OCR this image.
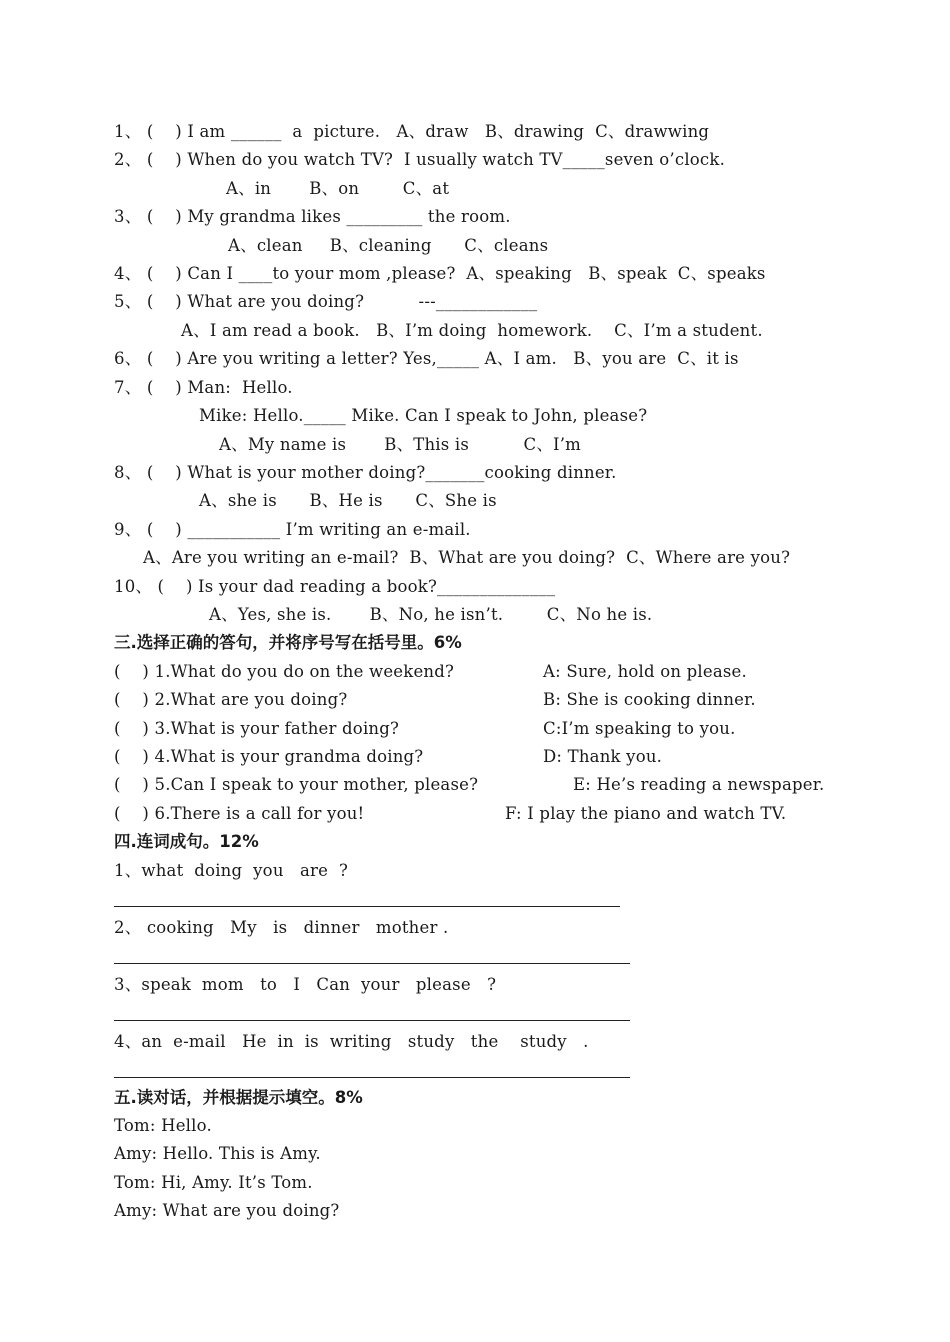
1、 (    ) I am ______  a  picture.   A、draw   B、drawing  C、drawwing
2、 (    ) When do you watch TV?  I usually watch TV_____seven o’clock.
A、in       B、on        C、at
3、 (    ) My grandma likes _________ the room.
A、clean     B、cleaning      C、cleans
4、 (    ) Can I ____to your mom ,please?  A、speaking   B、speak  C、speaks
5、 (    ) What are you doing?          ---____________
A、I am read a book.   B、I’m doing  homework.    C、I’m a student.
6、 (    ) Are you writing a letter? Yes,_____ A、I am.   B、you are  C、it is
7、 (    ) Man:  Hello.
Mike: Hello._____ Mike. Can I speak to John, please?
A、My name is       B、This is          C、I’m
8、 (    ) What is your mother doing?_______cooking dinner.
A、she is      B、He is      C、She is
9、 (    ) ___________ I’m writing an e-mail.
A、Are you writing an e-mail?  B、What are you doing?  C、Where are you?
10、 (    ) Is your dad reading a book?______________
A、Yes, she is.       B、No, he isn’t.        C、No he is.
三.选择正确的答句，并将序号写在括号里。6%
(    ) 1.What do you do on the weekend?
(    ) 2.What are you doing?
(    ) 3.What is your father doing?
(    ) 4.What is your grandma doing?
(    ) 5.Can I speak to your mother, please?
(    ) 6.There is a call for you!
A: Sure, hold on please.
B: She is cooking dinner.
C:I’m speaking to you.
D: Thank you.
E: He’s reading a newspaper.
F: I play the piano and watch TV.
四.连词成句。12%
1、what  doing  you   are  ?
2、 cooking   My   is   dinner   mother .
3、speak  mom   to   I   Can  your   please   ?
4、an  e-mail   He  in  is  writing   study   the    study   .
五.读对话，并根据提示填空。8%
Tom: Hello.
Amy: Hello. This is Amy.
Tom: Hi, Amy. It’s Tom.
Amy: What are you doing?
